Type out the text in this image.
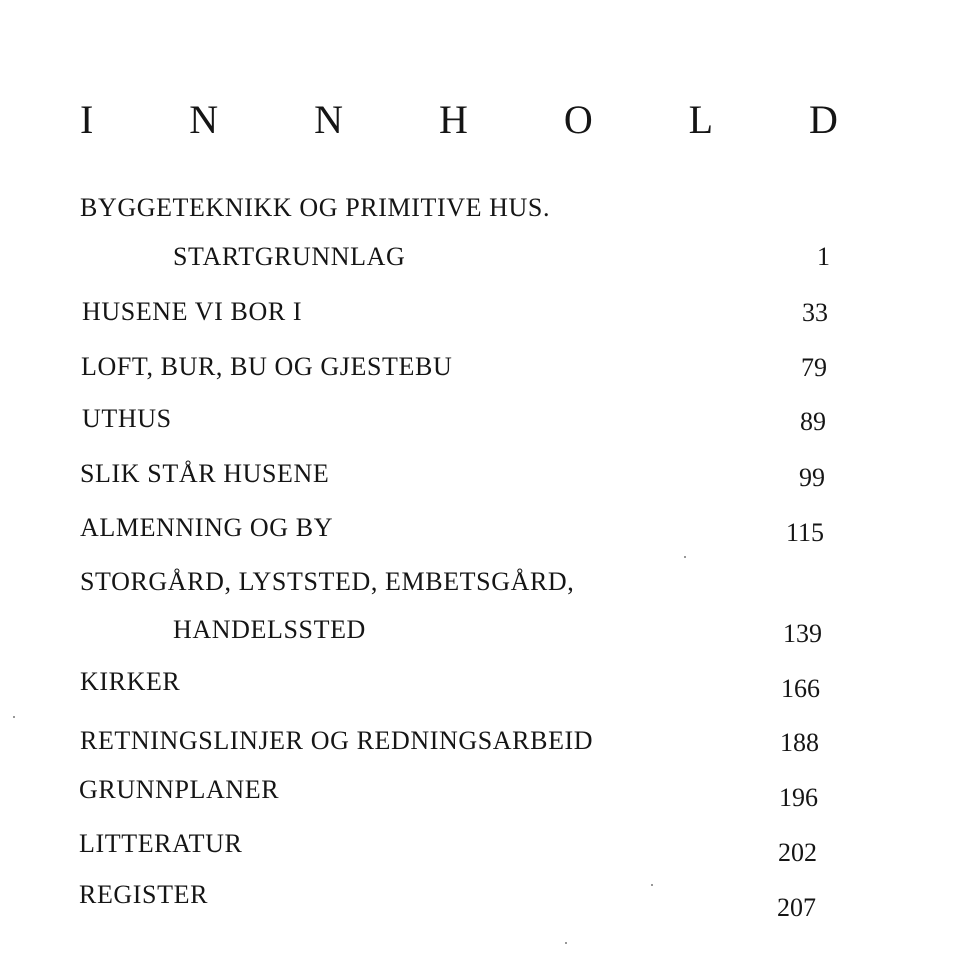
I N N H O L D
BYGGETEKNIKK OG PRIMITIVE HUS.
STARTGRUNNLAG	1
HUSENE VI BOR I	33
LOFT, BUR, BU OG GJESTEBU	79
UTHUS	89
SLIK STÅR HUSENE	99
ALMENNING OG BY	115
STORGÅRD, LYSTSTED, EMBETSGÅRD,
HANDELSSTED	139
KIRKER	166
RETNINGSLINJER OG REDNINGSARBEID	188
GRUNNPLANER	196
LITTERATUR	202
REGISTER	207
